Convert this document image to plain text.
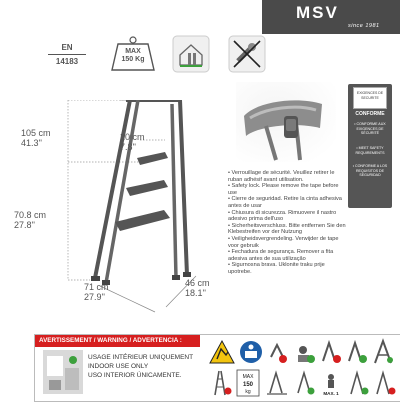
MSV
since 1981
EN
14183
MAX
150 Kg
105 cm
41.3''
20 cm
7.8''
70.8 cm
27.8''
71 cm
27.9''
46 cm
18.1''
EXIGENCES DE SECURITE
CONFORME
• CONFORME AUX EXIGENCES DE SÉCURITÉ
• MEET SAFETY REQUIREMENTS
• CONFORME A LOS REQUISITOS DE SEGURIDAD

• Verrouillage de sécurité. Veuillez retirer le ruban adhésif avant utilisation.

• Safety lock. Please remove the tape before use

• Cierre de seguridad. Retire la cinta adhesiva antes de usar

• Chiusura di sicurezza. Rimuovere il nastro adesivo prima dell'uso

• Sicherheitsverschluss. Bitte entfernen Sie den Klebestreifen vor der Nutzung

• Veiligheidsvergrendeling. Verwijder de tape voor gebruik

• Fechadura de segurança. Remover a fita adesiva antes de sua utilização

• Sigurnosna brava. Uklonite traku prije upotrebe.

AVERTISSEMENT / WARNING / ADVERTENCIA :
USAGE INTÉRIEUR UNIQUEMENT
INDOOR USE ONLY
USO INTERIOR ÚNICAMENTE.	MAX
150
kg	MAX. 1
